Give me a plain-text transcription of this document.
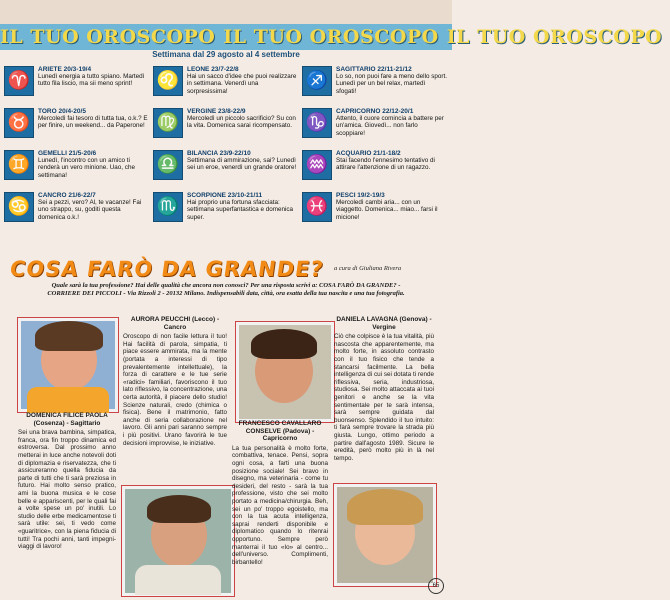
IL TUO OROSCOPO IL TUO OROSCOPO IL TUO OROSCOPO
Settimana dal 29 agosto al 4 settembre
♈
ARIETE 20/3-19/4
Lunedì energia a tutto spiano. Martedì tutto fila liscio, ma sii meno sprint!
♉
TORO 20/4-20/5
Mercoledì fai tesoro di tutta tua, o.k.? E per finire, un weekend... da Paperone!
♊
GEMELLI 21/5-20/6
Lunedì, l'incontro con un amico ti renderà un vero minione. Uao, che settimana!
♋
CANCRO 21/6-22/7
Sei a pezzi, vero? Al, te vacanze! Fai uno strappo, su, goditi questa domenica o.k.!
♌
LEONE 23/7-22/8
Hai un sacco d'idee che puoi realizzare in settimana. Venerdì una sorpresissima!
♍
VERGINE 23/8-22/9
Mercoledì un piccolo sacrificio? Su con la vita. Domenica sarai ricompensato.
♎
BILANCIA 23/9-22/10
Settimana di ammirazione, sai? Lunedì sei un eroe, venerdì un grande oratore!
♏
SCORPIONE 23/10-21/11
Hai proprio una fortuna sfacciata: settimana superfantastica e domenica super.
♐
SAGITTARIO 22/11-21/12
Lo so, non puoi fare a meno dello sport. Lunedì per un bel relax, martedì sfogati!
♑
CAPRICORNO 22/12-20/1
Attento, il cuore comincia a battere per un'amica. Giovedì... non farlo scoppiare!
♒
ACQUARIO 21/1-18/2
Stai facendo l'ennesimo tentativo di attirare l'attenzione di un ragazzo.
♓
PESCI 19/2-19/3
Mercoledì cambi aria... con un viaggetto. Domenica... miao... farsi il micione!
COSA FARÒ DA GRANDE?	a cura di Giuliana Rivera
Quale sarà la tua professione? Hai delle qualità che ancora non conosci? Per una risposta scrivi a: COSA FARÒ DA GRANDE? - CORRIERE DEI PICCOLI - Via Rizzoli 2 - 20132 Milano. Indispensabili data, città, ora esatta della tua nascita e una tua fotografia.
DOMENICA FILICE PAOLA (Cosenza) - Sagittario
Sei una brava bambina, simpatica, franca, ora fin troppo dinamica ed estroversa. Dal prossimo anno metterai in luce anche notevoli doti di diplomazia e riservatezza, che ti assicureranno quella fiducia da parte di tutti che ti sarà preziosa in futuro. Hai molto senso pratico, ami la buona musica e le cose belle e appariscenti, per le quali fai a volte spese un po' inutili. Lo studio delle erbe medicamentose ti sarà utile: sei, ti vedo come «guaritrice», con la piena fiducia di tutti! Tra pochi anni, tanti impegni-viaggi di lavoro!
AURORA PEUCCHI (Lecco) - Cancro
Oroscopo di non facile lettura il tuo! Hai facilità di parola, simpatia, ti piace essere ammirata, ma la mente (portata a interessi di tipo prevalentemente intellettuale), la forza di carattere e le tue serie «radici» familiari, favoriscono il tuo lato riflessivo, la concentrazione, una certa autorità, il piacere dello studio! Scienze naturali, credo (chimica o fisica). Bene il matrimonio, fatto anche di seria collaborazione nel lavoro. Gli anni pari saranno sempre i più positivi. Urano favorirà le tue decisioni improvvise, le iniziative.
FRANCESCO CAVALLARO CONSELVE (Padova) - Capricorno
La tua personalità è molto forte, combattiva, tenace. Pensi, sopra ogni cosa, a farti una buona posizione sociale! Sei bravo in disegno, ma veterinaria - come tu desideri, del resto - sarà la tua professione, visto che sei molto portato a medicina/chirurgia. Beh, sei un po' troppo egoistello, ma con la tua acuta intelligenza, saprai renderti disponibile e diplomatico quando lo ritenrai opportuno. Sempre però manterrai il tuo «Io» al centro... dell'universo. Complimenti, birbantello!
DANIELA LAVAGNA (Genova) - Vergine
Ciò che colpisce è la tua vitalità, più nascosta che apparentemente, ma molto forte, in assoluto contrasto con il tuo fisico che tende a stancarsi facilmente. La bella intelligenza di cui sei dotata ti rende riflessiva, seria, industriosa, studiosa. Sei molto attaccata ai tuoi genitori e anche se la vita sentimentale per te sarà intensa, sarà sempre guidata dal buonsenso. Splendido il tuo intuito: ti farà sempre trovare la strada più giusta. Lungo, ottimo periodo a partire dall'agosto 1989. Sicure le eredità, però molto più in là nel tempo.
65
